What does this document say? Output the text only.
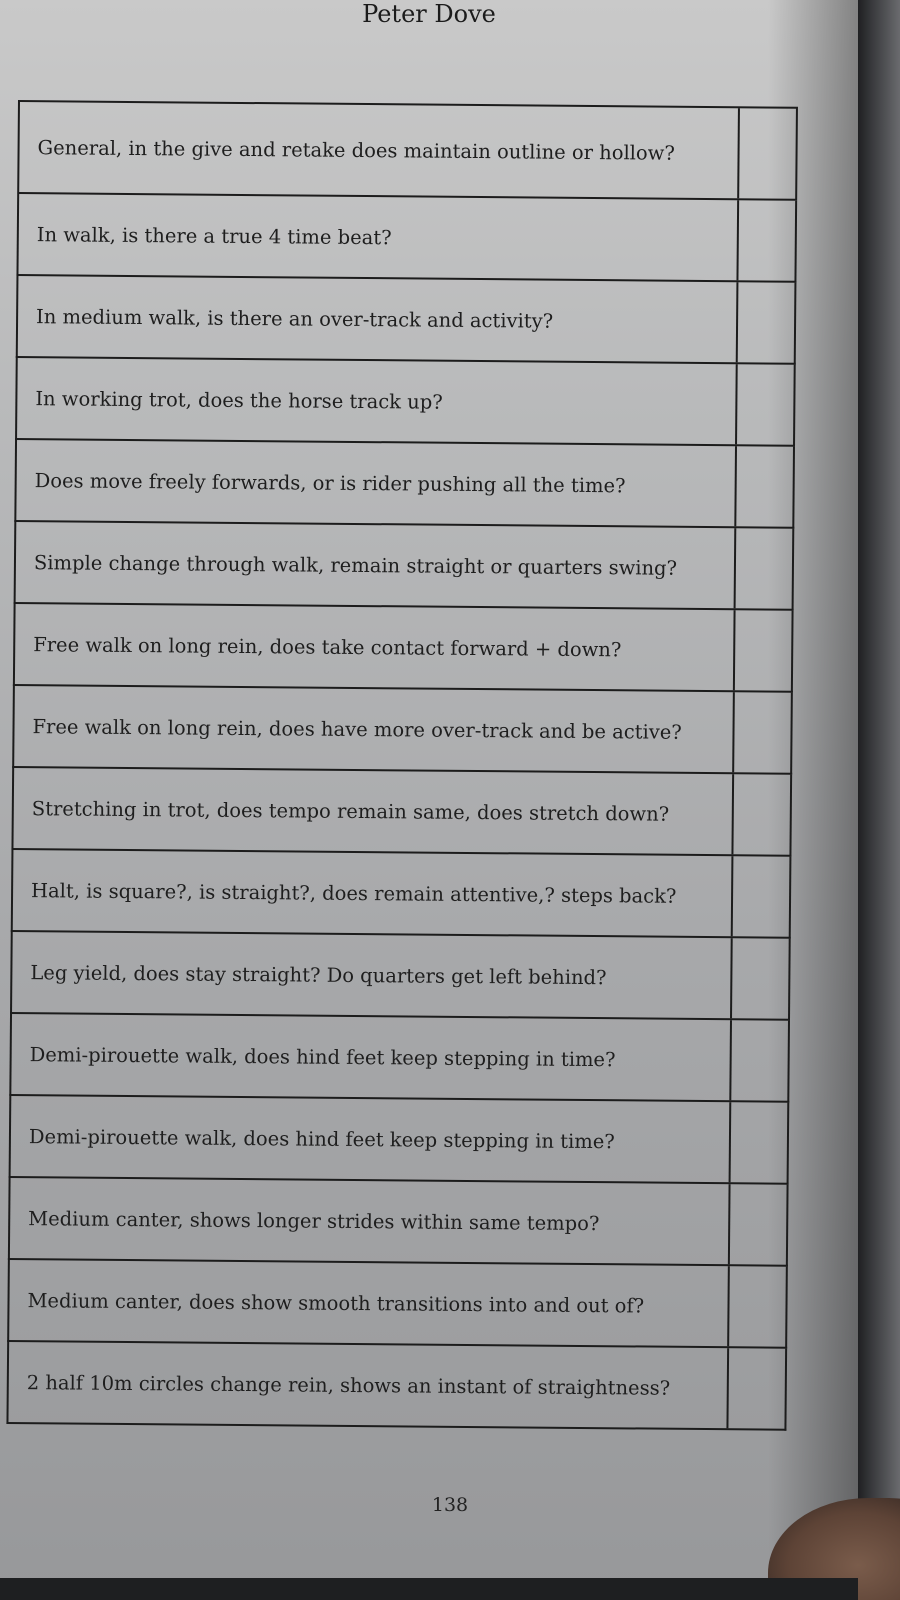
Peter Dove
General, in the give and retake does maintain outline or hollow?
In walk, is there a true 4 time beat?
In medium walk, is there an over-track and activity?
In working trot, does the horse track up?
Does move freely forwards, or is rider pushing all the time?
Simple change through walk, remain straight or quarters swing?
Free walk on long rein, does take contact forward + down?
Free walk on long rein, does have more over-track and be active?
Stretching in trot, does tempo remain same, does stretch down?
Halt, is square?, is straight?, does remain attentive,? steps back?
Leg yield, does stay straight? Do quarters get left behind?
Demi-pirouette walk, does hind feet keep stepping in time?
Demi-pirouette walk, does hind feet keep stepping in time?
Medium canter, shows longer strides within same tempo?
Medium canter, does show smooth transitions into and out of?
2 half 10m circles change rein, shows an instant of straightness?
138
